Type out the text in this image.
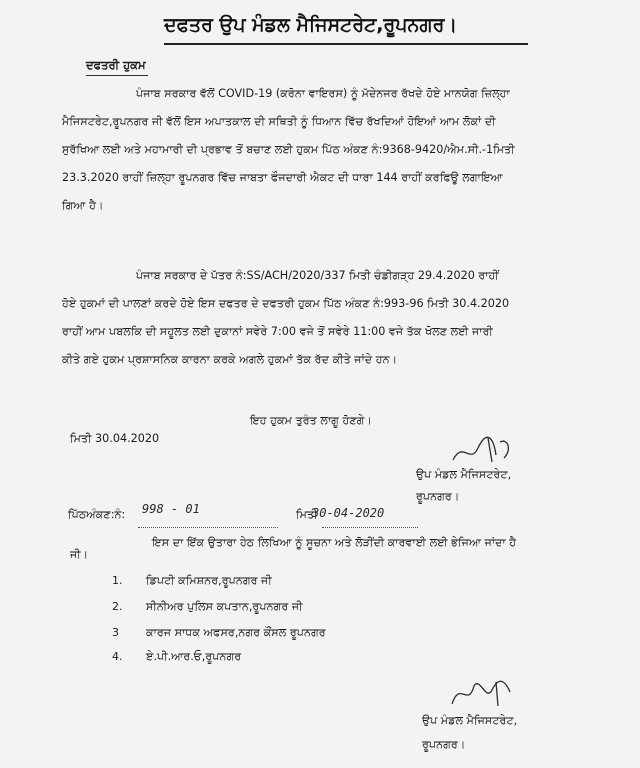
ਦਫਤਰ ਉਪ ਮੰਡਲ ਮੈਜਿਸਟਰੇਟ,ਰੂਪਨਗਰ।
ਦਫਤਰੀ ਹੁਕਮ
ਪੰਜਾਬ ਸਰਕਾਰ ਵੱਲੋਂ COVID-19 (ਕਰੋਨਾ ਵਾਇਰਸ) ਨੂੰ ਮੱਦੇਨਜਰ ਰੱਖਦੇ ਹੋਏ ਮਾਨਯੋਗ ਜ਼ਿਲ੍ਹਾ
ਮੈਜਿਸਟਰੇਟ,ਰੂਪਨਗਰ ਜੀ ਵੱਲੋਂ ਇਸ ਅਪਾਤਕਾਲ ਦੀ ਸਥਿਤੀ ਨੂੰ ਧਿਆਨ ਵਿੱਚ ਰੱਖਦਿਆਂ ਹੋਇਆਂ ਆਮ ਲੋਕਾਂ ਦੀ
ਸੁਰੱਖਿਆ ਲਈ ਅਤੇ ਮਹਾਮਾਰੀ ਦੀ ਪ੍ਰਭਾਵ ਤੋਂ ਬਚਾਣ ਲਈ ਹੁਕਮ ਪਿੱਠ ਅੰਕਣ ਨੰ:9368-9420/ਐਮ.ਸੀ.-1ਮਿਤੀ
23.3.2020 ਰਾਹੀਂ ਜ਼ਿਲ੍ਹਾ ਰੂਪਨਗਰ ਵਿੱਚ ਜਾਬਤਾ ਫੌਜਦਾਰੀ ਐਕਟ ਦੀ ਧਾਰਾ 144 ਰਾਹੀਂ ਕਰਫਿਊ ਲਗਾਇਆ
ਗਿਆ ਹੈ।
ਪੰਜਾਬ ਸਰਕਾਰ ਦੇ ਪੱਤਰ ਨੰ:SS/ACH/2020/337 ਮਿਤੀ ਚੰਡੀਗੜ੍ਹ 29.4.2020 ਰਾਹੀਂ
ਹੋਏ ਹੁਕਮਾਂ ਦੀ ਪਾਲਣਾਂ ਕਰਦੇ ਹੋਏ ਇਸ ਦਫਤਰ ਦੇ ਦਫਤਰੀ ਹੁਕਮ ਪਿੱਠ ਅੰਕਣ ਨੰ:993-96 ਮਿਤੀ 30.4.2020
ਰਾਹੀਂ ਆਮ ਪਬਲਕਿ ਦੀ ਸਹੂਲਤ ਲਈ ਦੁਕਾਨਾਂ ਸਵੇਰੇ 7:00 ਵਜੇ ਤੋਂ ਸਵੇਰੇ 11:00 ਵਜੇ ਤੱਕ ਖੋਲਣ ਲਈ ਜਾਰੀ
ਕੀਤੇ ਗਏ ਹੁਕਮ ਪ੍ਰਸ਼ਾਸਨਿਕ ਕਾਰਨਾ ਕਰਕੇ ਅਗਲੇ ਹੁਕਮਾਂ ਤੱਕ ਰੱਦ ਕੀਤੇ ਜਾਂਦੇ ਹਨ।
ਇਹ ਹੁਕਮ ਤੁਰੰਤ ਲਾਗੂ ਹੋਣਗੇ।
ਮਿਤੀ 30.04.2020
ਉਪ ਮੰਡਲ ਮੈਜਿਸਟਰੇਟ,
ਰੂਪਨਗਰ।
ਪਿੱਠਅੰਕਣ:ਨੰ: 998 - 01	ਮਿਤੀ
30-04-2020
ਇਸ ਦਾ ਇੱਕ ਉਤਾਰਾ ਹੇਠ ਲਿਖਿਆ ਨੂੰ ਸੂਚਨਾ ਅਤੇ ਲੋੜੀਂਦੀ ਕਾਰਵਾਈ ਲਈ ਭੇਜਿਆ ਜਾਂਦਾ ਹੈ
ਜੀ।
1. ਡਿਪਟੀ ਕਮਿਸ਼ਨਰ,ਰੂਪਨਗਰ ਜੀ
2. ਸੀਨੀਅਰ ਪੁਲਿਸ ਕਪਤਾਨ,ਰੂਪਨਗਰ ਜੀ
3 ਕਾਰਜ ਸਾਧਕ ਅਫਸਰ,ਨਗਰ ਕੌਂਸਲ ਰੂਪਨਗਰ
4. ਏ.ਪੀ.ਆਰ.ਓ,ਰੂਪਨਗਰ
ਉਪ ਮੰਡਲ ਮੈਜਿਸਟਰੇਟ,
ਰੂਪਨਗਰ।
